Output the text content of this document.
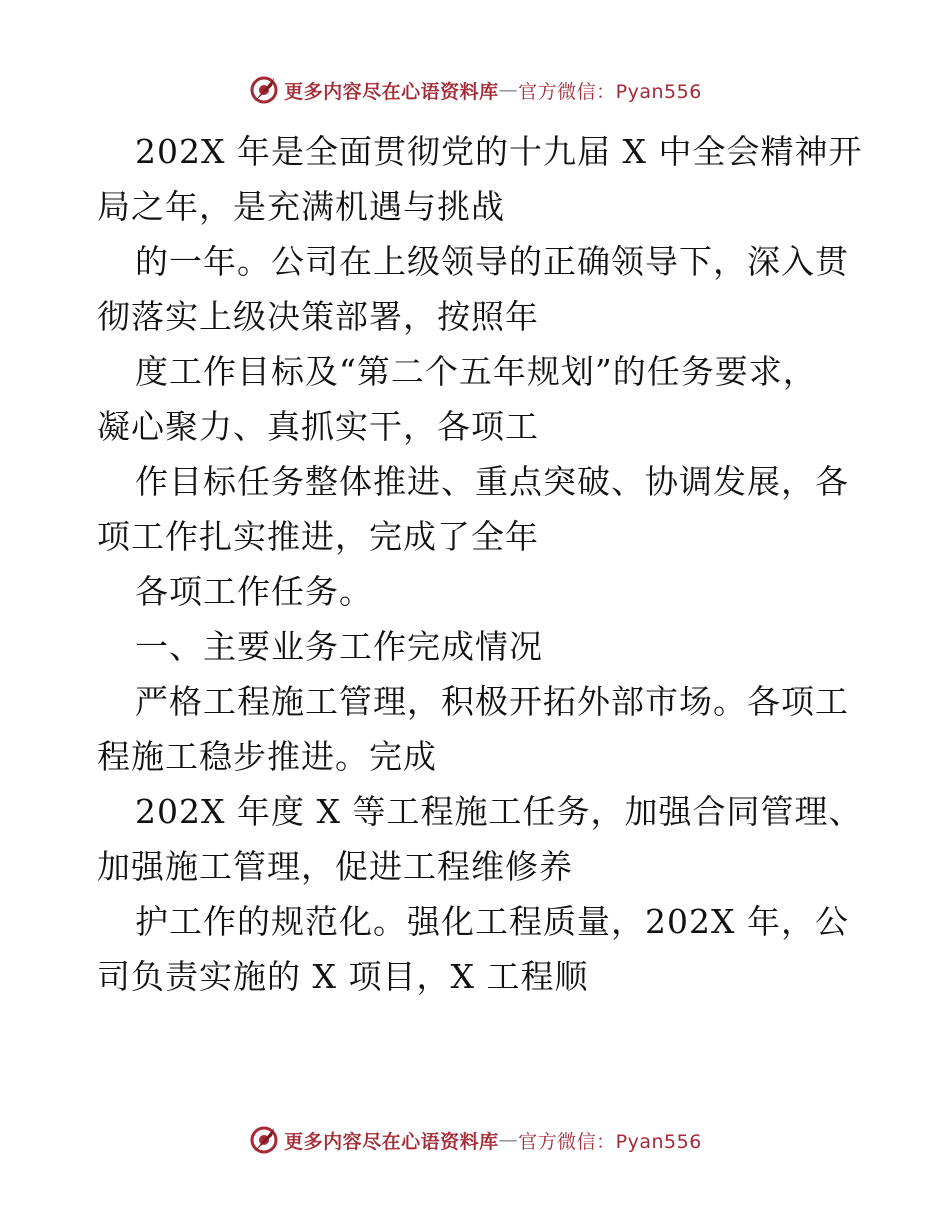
更多内容尽在心语资料库 — 官方微信：Pyan556

202X 年是全面贯彻党的十九届 X 中全会精神开

局之年，是充满机遇与挑战

的一年。公司在上级领导的正确领导下，深入贯

彻落实上级决策部署，按照年

度工作目标及“第二个五年规划”的任务要求，

凝心聚力、真抓实干，各项工

作目标任务整体推进、重点突破、协调发展，各

项工作扎实推进，完成了全年

各项工作任务。

一、主要业务工作完成情况

严格工程施工管理，积极开拓外部市场。各项工

程施工稳步推进。完成

202X 年度 X 等工程施工任务，加强合同管理、

加强施工管理，促进工程维修养

护工作的规范化。强化工程质量，202X 年，公

司负责实施的 X 项目，X 工程顺

更多内容尽在心语资料库 — 官方微信：Pyan556
